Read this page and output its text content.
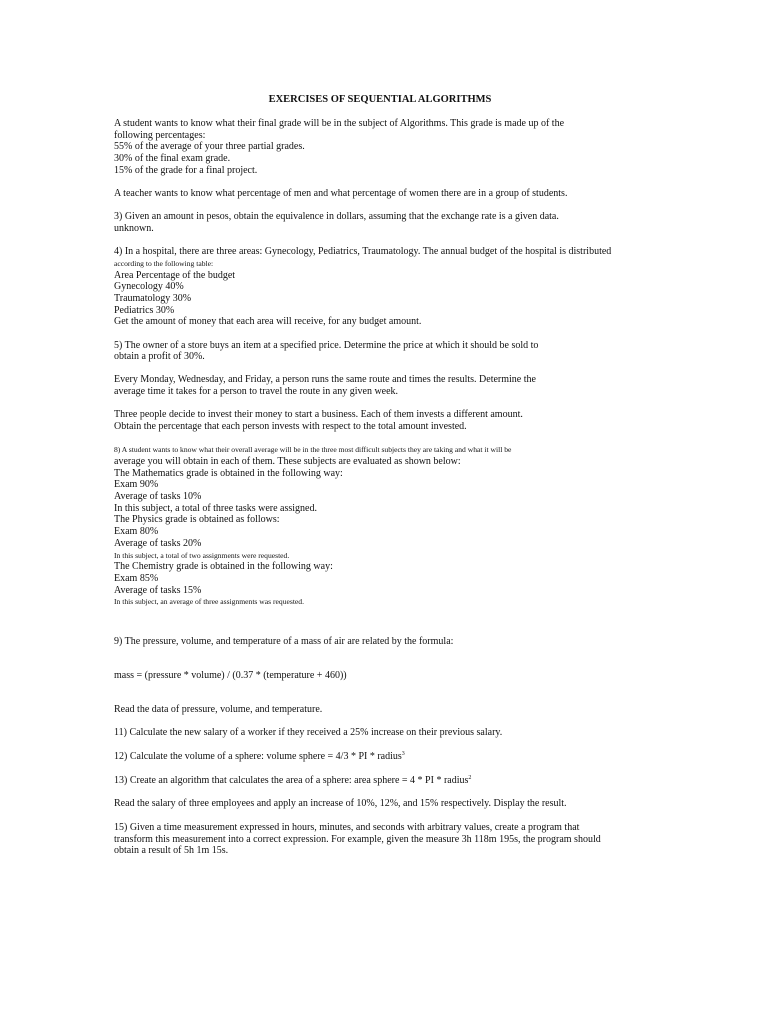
EXERCISES OF SEQUENTIAL ALGORITHMS

A student wants to know what their final grade will be in the subject of Algorithms. This grade is made up of the

following percentages:

55% of the average of your three partial grades.

30% of the final exam grade.

15% of the grade for a final project.

A teacher wants to know what percentage of men and what percentage of women there are in a group of students.

3) Given an amount in pesos, obtain the equivalence in dollars, assuming that the exchange rate is a given data.

unknown.

4) In a hospital, there are three areas: Gynecology, Pediatrics, Traumatology. The annual budget of the hospital is distributed

according to the following table:

Area Percentage of the budget

Gynecology 40%

Traumatology 30%

Pediatrics 30%

Get the amount of money that each area will receive, for any budget amount.

5) The owner of a store buys an item at a specified price. Determine the price at which it should be sold to

obtain a profit of 30%.

Every Monday, Wednesday, and Friday, a person runs the same route and times the results. Determine the

average time it takes for a person to travel the route in any given week.

Three people decide to invest their money to start a business. Each of them invests a different amount.

Obtain the percentage that each person invests with respect to the total amount invested.

8) A student wants to know what their overall average will be in the three most difficult subjects they are taking and what it will be

average you will obtain in each of them. These subjects are evaluated as shown below:

The Mathematics grade is obtained in the following way:

Exam 90%

Average of tasks 10%

In this subject, a total of three tasks were assigned.

The Physics grade is obtained as follows:

Exam 80%

Average of tasks 20%

In this subject, a total of two assignments were requested.

The Chemistry grade is obtained in the following way:

Exam 85%

Average of tasks 15%

In this subject, an average of three assignments was requested.

9) The pressure, volume, and temperature of a mass of air are related by the formula:

mass = (pressure * volume) / (0.37 * (temperature + 460))

Read the data of pressure, volume, and temperature.

11) Calculate the new salary of a worker if they received a 25% increase on their previous salary.

12) Calculate the volume of a sphere: volume sphere = 4/3 * PI * radius$^3$

13) Create an algorithm that calculates the area of a sphere: area sphere = 4 * PI * radius$^2$

Read the salary of three employees and apply an increase of 10%, 12%, and 15% respectively. Display the result.

15) Given a time measurement expressed in hours, minutes, and seconds with arbitrary values, create a program that

transform this measurement into a correct expression. For example, given the measure 3h 118m 195s, the program should

obtain a result of 5h 1m 15s.
